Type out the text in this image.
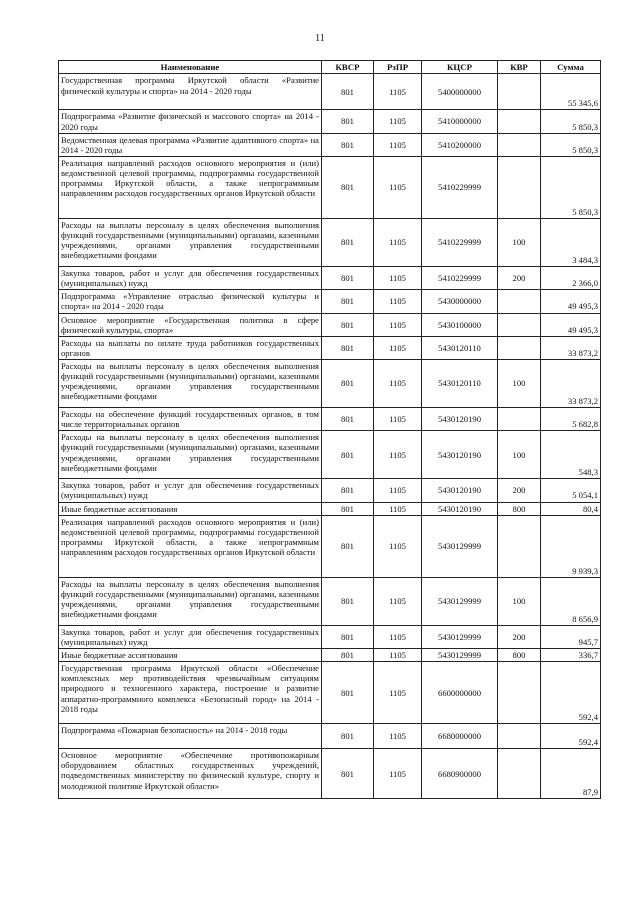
11
Наименование	КВСР	РзПР	КЦСР	КВР	Сумма
Государственная программа Иркутской области «Развитие физической культуры и спорта» на 2014 - 2020 годы	801	1105	5400000000		55 345,6
Подпрограмма «Развитие физической и массового спорта» на 2014 - 2020 годы	801	1105	5410000000		5 850,3
Ведомственная целевая программа «Развитие адаптивного спорта» на 2014 - 2020 годы	801	1105	5410200000		5 850,3
Реализация направлений расходов основного мероприятия и (или) ведомственной целевой программы, подпрограммы государственной программы Иркутской области, а также непрограммным направлениям расходов государственных органов Иркутской области	801	1105	5410229999		5 850,3
Расходы на выплаты персоналу в целях обеспечения выполнения функций государственными (муниципальными) органами, казенными учреждениями, органами управления государственными внебюджетными фондами	801	1105	5410229999	100	3 484,3
Закупка товаров, работ и услуг для обеспечения государственных (муниципальных) нужд	801	1105	5410229999	200	2 366,0
Подпрограмма «Управление отраслью физической культуры и спорта» на 2014 - 2020 годы	801	1105	5430000000		49 495,3
Основное мероприятие «Государственная политика в сфере физической культуры, спорта»	801	1105	5430100000		49 495,3
Расходы на выплаты по оплате труда работников государственных органов	801	1105	5430120110		33 873,2
Расходы на выплаты персоналу в целях обеспечения выполнения функций государственными (муниципальными) органами, казенными учреждениями, органами управления государственными внебюджетными фондами	801	1105	5430120110	100	33 873,2
Расходы на обеспечение функций государственных органов, в том числе территориальных органов	801	1105	5430120190		5 682,8
Расходы на выплаты персоналу в целях обеспечения выполнения функций государственными (муниципальными) органами, казенными учреждениями, органами управления государственными внебюджетными фондами	801	1105	5430120190	100	548,3
Закупка товаров, работ и услуг для обеспечения государственных (муниципальных) нужд	801	1105	5430120190	200	5 054,1
Иные бюджетные ассигнования	801	1105	5430120190	800	80,4
Реализация направлений расходов основного мероприятия и (или) ведомственной целевой программы, подпрограммы государственной программы Иркутской области, а также непрограммным направлениям расходов государственных органов Иркутской области	801	1105	5430129999		9 939,3
Расходы на выплаты персоналу в целях обеспечения выполнения функций государственными (муниципальными) органами, казенными учреждениями, органами управления государственными внебюджетными фондами	801	1105	5430129999	100	8 656,9
Закупка товаров, работ и услуг для обеспечения государственных (муниципальных) нужд	801	1105	5430129999	200	945,7
Иные бюджетные ассигнования	801	1105	5430129999	800	336,7
Государственная программа Иркутской области «Обеспечение комплексных мер противодействия чрезвычайным ситуациям природного и техногенного характера, построение и развитие аппаратно-программного комплекса «Безопасный город» на 2014 - 2018 годы	801	1105	6600000000		592,4
Подпрограмма «Пожарная безопасность» на 2014 - 2018 годы	801	1105	6680000000		592,4
Основное мероприятие «Обеспечение противопожарным оборудованием областных государственных учреждений, подведомственных министерству по физической культуре, спорту и молодежной политике Иркутской области»	801	1105	6680900000		87,9
